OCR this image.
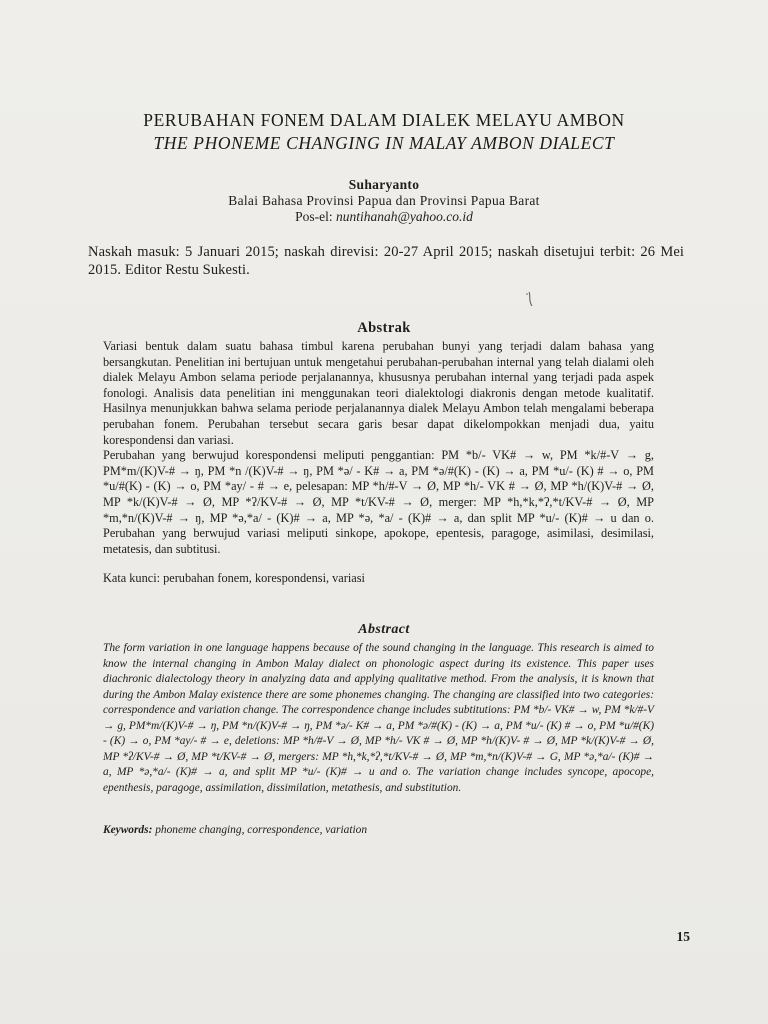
PERUBAHAN FONEM DALAM DIALEK MELAYU AMBON
THE PHONEME CHANGING IN MALAY AMBON DIALECT
Suharyanto
Balai Bahasa Provinsi Papua dan Provinsi Papua Barat
Pos-el: nuntihanah@yahoo.co.id
Naskah masuk: 5 Januari 2015; naskah direvisi: 20-27 April 2015; naskah disetujui terbit: 26 Mei 2015. Editor Restu Sukesti.
Abstrak

Variasi bentuk dalam suatu bahasa timbul karena perubahan bunyi yang terjadi dalam bahasa yang bersangkutan. Penelitian ini bertujuan untuk mengetahui perubahan-perubahan internal yang telah dialami oleh dialek Melayu Ambon selama periode perjalanannya, khususnya perubahan internal yang terjadi pada aspek fonologi. Analisis data penelitian ini menggunakan teori dialektologi diakronis dengan metode kualitatif. Hasilnya menunjukkan bahwa selama periode perjalanannya dialek Melayu Ambon telah mengalami beberapa perubahan fonem. Perubahan tersebut secara garis besar dapat dikelompokkan menjadi dua, yaitu korespondensi dan variasi.

Perubahan yang berwujud korespondensi meliputi penggantian: PM *b/- VK# → w, PM *k/#-V → g, PM*m/(K)V-# → ŋ, PM *n /(K)V-# → ŋ, PM *ə/ - K# → a, PM *ə/#(K) - (K) → a, PM *u/- (K) # → o, PM *u/#(K) - (K) → o, PM *ay/ - # → e, pelesapan: MP *h/#-V → Ø, MP *h/- VK # → Ø, MP *h/(K)V-# → Ø, MP *k/(K)V-# → Ø, MP *ʔ/KV-# → Ø, MP *t/KV-# → Ø, merger: MP *h,*k,*ʔ,*t/KV-# → Ø, MP *m,*n/(K)V-# → ŋ, MP *ə,*a/ - (K)# → a, MP *ə, *a/ - (K)# → a, dan split MP *u/- (K)# → u dan o. Perubahan yang berwujud variasi meliputi sinkope, apokope, epentesis, paragoge, asimilasi, desimilasi, metatesis, dan subtitusi.

Kata kunci: perubahan fonem, korespondensi, variasi
Abstract
The form variation in one language happens because of the sound changing in the language. This research is aimed to know the internal changing in Ambon Malay dialect on phonologic aspect during its existence. This paper uses diachronic dialectology theory in analyzing data and applying qualitative method. From the analysis, it is known that during the Ambon Malay existence there are some phonemes changing. The changing are classified into two categories: correspondence and variation change. The correspondence change includes subtitutions: PM *b/- VK# → w, PM *k/#-V → g, PM*m/(K)V-# → ŋ, PM *n/(K)V-# → ŋ, PM *ə/- K# → a, PM *ə/#(K) - (K) → a, PM *u/- (K) # → o, PM *u/#(K) - (K) → o, PM *ay/- # → e, deletions: MP *h/#-V → Ø, MP *h/- VK # → Ø, MP *h/(K)V- # → Ø, MP *k/(K)V-# → Ø, MP *ʔ/KV-# → Ø, MP *t/KV-# → Ø, mergers: MP *h,*k,*ʔ,*t/KV-# → Ø, MP *m,*n/(K)V-# → G, MP *ə,*a/- (K)# → a, MP *ə,*a/- (K)# → a, and split MP *u/- (K)# → u and o. The variation change includes syncope, apocope, epenthesis, paragoge, assimilation, dissimilation, metathesis, and substitution.
Keywords: phoneme changing, correspondence, variation
15
